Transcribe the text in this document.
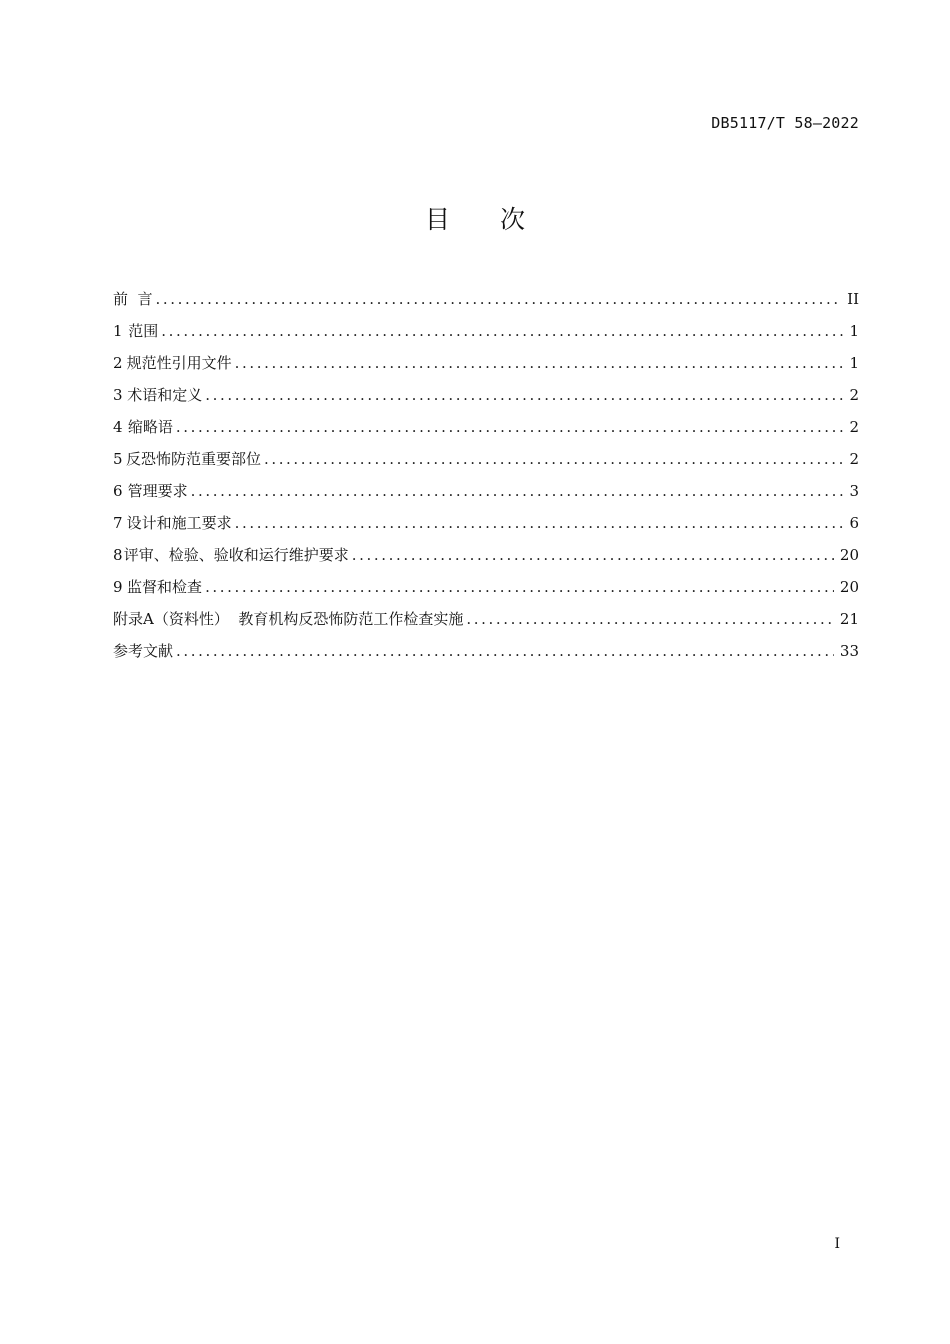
DB5117/T 58—2022
目 次
前  言 .....	II
1 范围 .....	1
2 规范性引用文件 .....	1
3 术语和定义 .....	2
4 缩略语 .....	2
5 反恐怖防范重要部位 .....	2
6 管理要求 .....	3
7 设计和施工要求 .....	6
8 评审、检验、验收和运行维护要求 .....	20
9 监督和检查 .....	20
附录A（资料性）  教育机构反恐怖防范工作检查实施 .....	21
参考文献 .....	33
I
